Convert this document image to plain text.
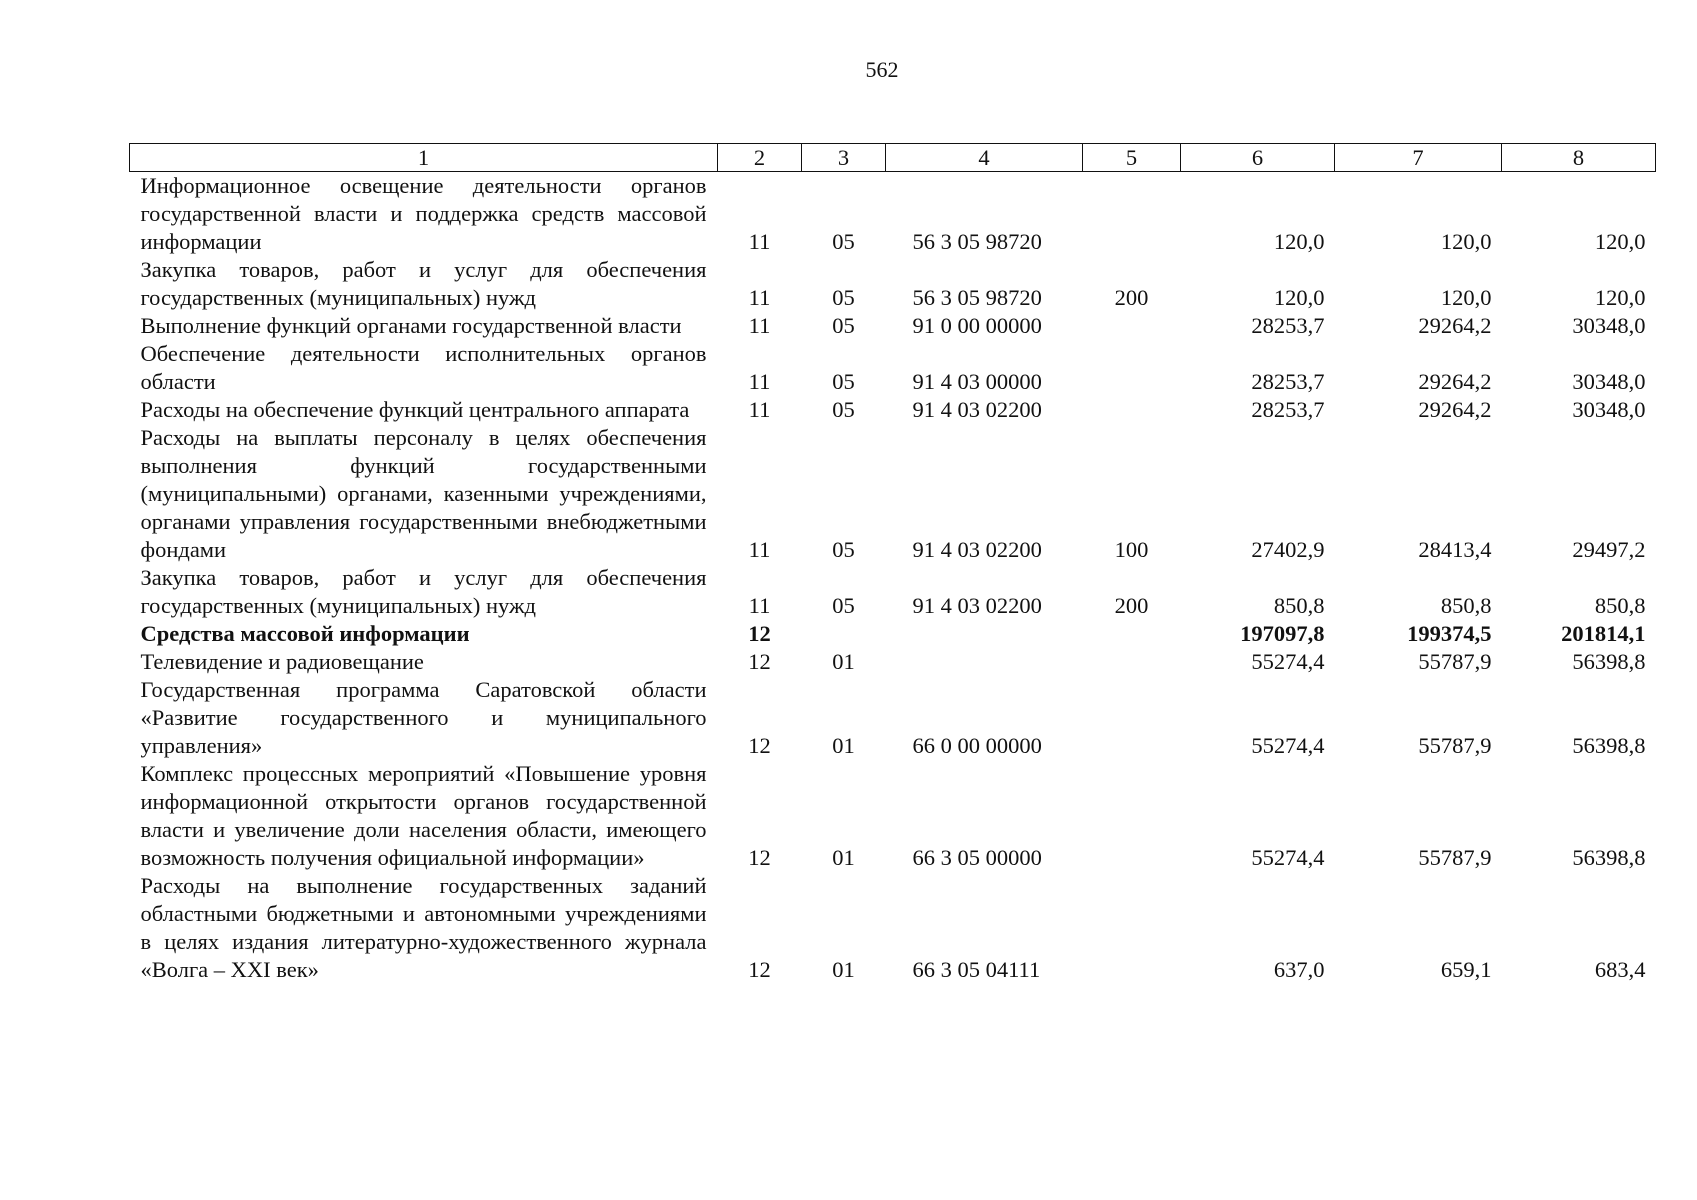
562
1	2	3	4	5	6	7	8
Информационное освещение деятельности органов государственной власти и поддержка средств массовой информации	11	05	56 3 05 98720		120,0	120,0	120,0
Закупка товаров, работ и услуг для обеспечения государственных (муниципальных) нужд	11	05	56 3 05 98720	200	120,0	120,0	120,0
Выполнение функций органами государственной власти	11	05	91 0 00 00000		28253,7	29264,2	30348,0
Обеспечение деятельности исполнительных органов области	11	05	91 4 03 00000		28253,7	29264,2	30348,0
Расходы на обеспечение функций центрального аппарата	11	05	91 4 03 02200		28253,7	29264,2	30348,0
Расходы на выплаты персоналу в целях обеспечения выполнения функций государственными (муниципальными) органами, казенными учреждениями, органами управления государственными внебюджетными фондами	11	05	91 4 03 02200	100	27402,9	28413,4	29497,2
Закупка товаров, работ и услуг для обеспечения государственных (муниципальных) нужд	11	05	91 4 03 02200	200	850,8	850,8	850,8
Средства массовой информации	12				197097,8	199374,5	201814,1
Телевидение и радиовещание	12	01			55274,4	55787,9	56398,8
Государственная программа Саратовской области «Развитие государственного и муниципального управления»	12	01	66 0 00 00000		55274,4	55787,9	56398,8
Комплекс процессных мероприятий «Повышение уровня информационной открытости органов государственной власти и увеличение доли населения области, имеющего возможность получения официальной информации»	12	01	66 3 05 00000		55274,4	55787,9	56398,8
Расходы на выполнение государственных заданий областными бюджетными и автономными учреждениями в целях издания литературно-художественного журнала «Волга – XXI век»	12	01	66 3 05 04111		637,0	659,1	683,4
